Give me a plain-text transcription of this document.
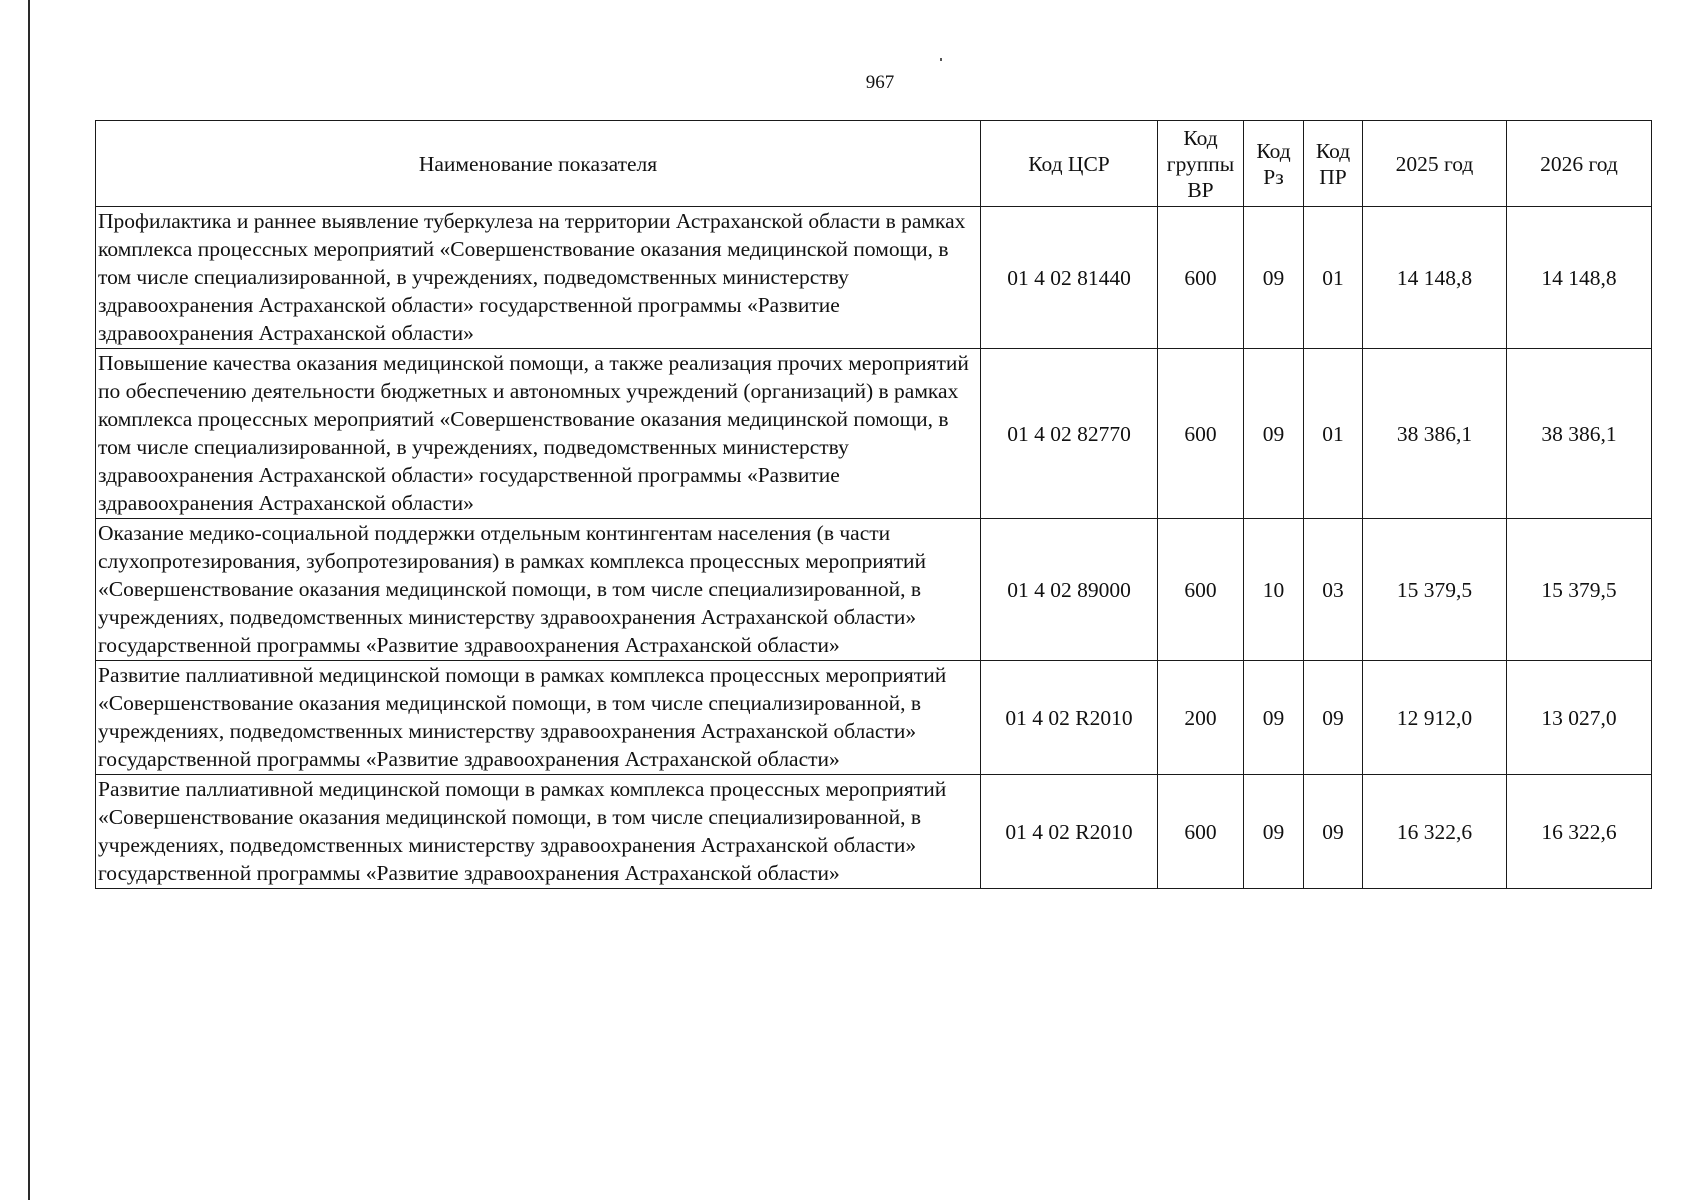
967
Наименование показателя	Код ЦСР	Код группы ВР	Код Рз	Код ПР	2025 год	2026 год
Профилактика и раннее выявление туберкулеза на территории Астраханской области в рамках комплекса процессных мероприятий «Совершенствование оказания медицинской помощи, в том числе специализированной, в учреждениях, подведомственных министерству здравоохранения Астраханской области» государственной программы «Развитие здравоохранения Астраханской области»	01 4 02 81440	600	09	01	14 148,8	14 148,8
Повышение качества оказания медицинской помощи, а также реализация прочих мероприятий по обеспечению деятельности бюджетных и автономных учреждений (организаций) в рамках комплекса процессных мероприятий «Совершенствование оказания медицинской помощи, в том числе специализированной, в учреждениях, подведомственных министерству здравоохранения Астраханской области» государственной программы «Развитие здравоохранения Астраханской области»	01 4 02 82770	600	09	01	38 386,1	38 386,1
Оказание медико-социальной поддержки отдельным контингентам населения (в части слухопротезирования, зубопротезирования) в рамках комплекса процессных мероприятий «Совершенствование оказания медицинской помощи, в том числе специализированной, в учреждениях, подведомственных министерству здравоохранения Астраханской области» государственной программы «Развитие здравоохранения Астраханской области»	01 4 02 89000	600	10	03	15 379,5	15 379,5
Развитие паллиативной медицинской помощи в рамках комплекса процессных мероприятий «Совершенствование оказания медицинской помощи, в том числе специализированной, в учреждениях, подведомственных министерству здравоохранения Астраханской области» государственной программы «Развитие здравоохранения Астраханской области»	01 4 02 R2010	200	09	09	12 912,0	13 027,0
Развитие паллиативной медицинской помощи в рамках комплекса процессных мероприятий «Совершенствование оказания медицинской помощи, в том числе специализированной, в учреждениях, подведомственных министерству здравоохранения Астраханской области» государственной программы «Развитие здравоохранения Астраханской области»	01 4 02 R2010	600	09	09	16 322,6	16 322,6
